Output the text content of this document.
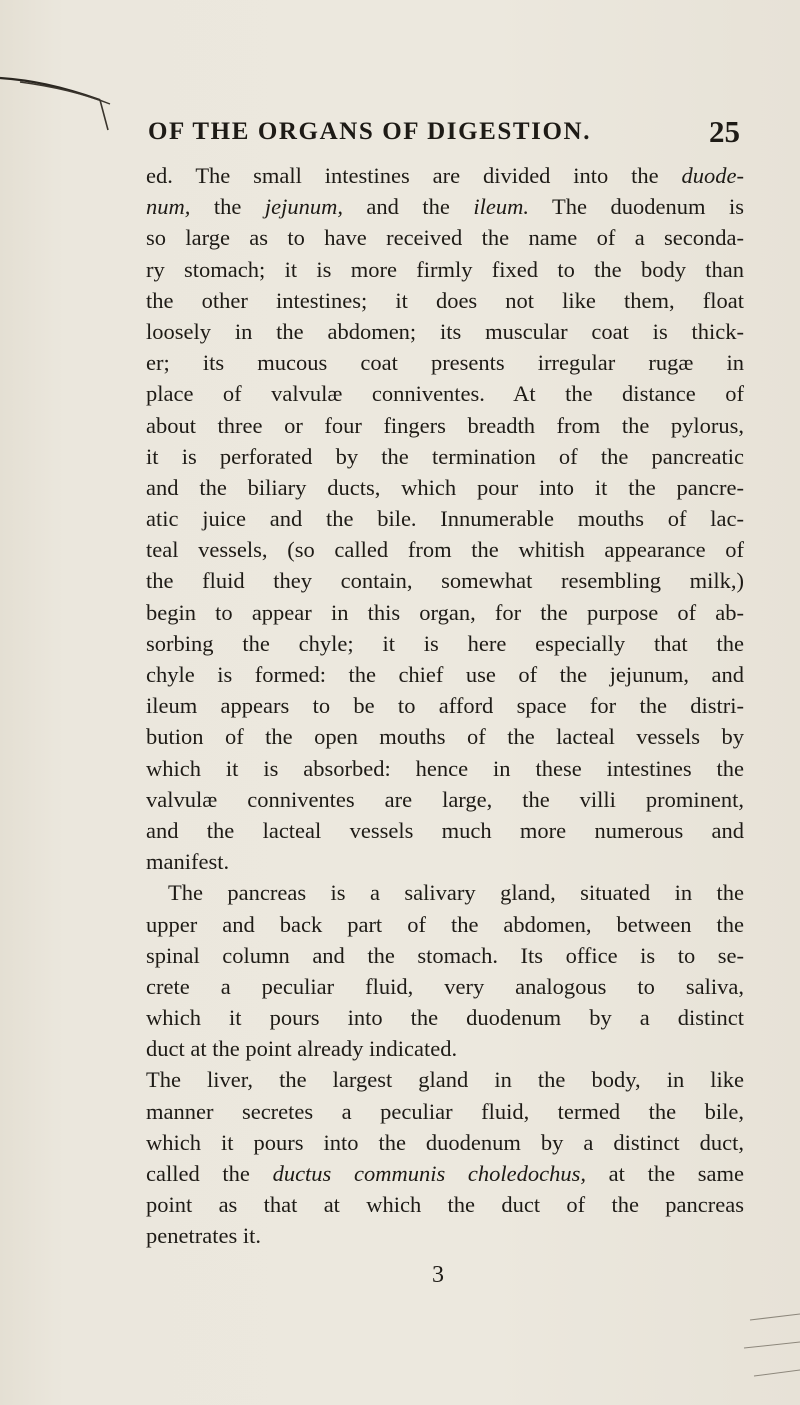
OF THE ORGANS OF DIGESTION.	25
ed. The small intestines are divided into the duode-
num, the jejunum, and the ileum. The duodenum is
so large as to have received the name of a seconda-
ry stomach; it is more firmly fixed to the body than
the other intestines; it does not like them, float
loosely in the abdomen; its muscular coat is thick-
er; its mucous coat presents irregular rugæ in
place of valvulæ conniventes. At the distance of
about three or four fingers breadth from the pylorus,
it is perforated by the termination of the pancreatic
and the biliary ducts, which pour into it the pancre-
atic juice and the bile. Innumerable mouths of lac-
teal vessels, (so called from the whitish appearance of
the fluid they contain, somewhat resembling milk,)
begin to appear in this organ, for the purpose of ab-
sorbing the chyle; it is here especially that the
chyle is formed: the chief use of the jejunum, and
ileum appears to be to afford space for the distri-
bution of the open mouths of the lacteal vessels by
which it is absorbed: hence in these intestines the
valvulæ conniventes are large, the villi prominent,
and the lacteal vessels much more numerous and
manifest.
The pancreas is a salivary gland, situated in the
upper and back part of the abdomen, between the
spinal column and the stomach. Its office is to se-
crete a peculiar fluid, very analogous to saliva,
which it pours into the duodenum by a distinct
duct at the point already indicated.
The liver, the largest gland in the body, in like
manner secretes a peculiar fluid, termed the bile,
which it pours into the duodenum by a distinct duct,
called the ductus communis choledochus, at the same
point as that at which the duct of the pancreas
penetrates it.
3
